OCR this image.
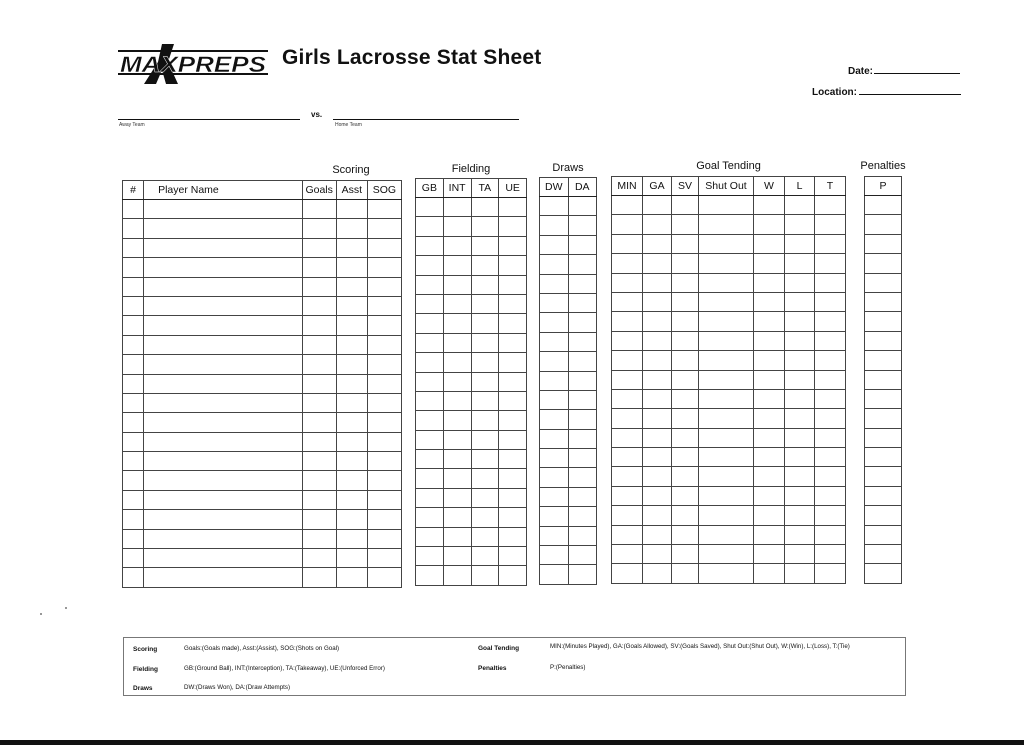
MAXPREPS Girls Lacrosse Stat Sheet
Date:
Location:
Away Team
vs.
Home Team
Scoring	Fielding	Draws	Goal Tending	Penalties
#	Player Name	Goals	Asst	SOG

				GB	INT	TA	UE

			DW	DA

		MIN	GA	SV	Shut Out	W	L	T

							P

Scoring	Goals:(Goals made), Asst:(Assist), SOG:(Shots on Goal)
Fielding	GB:(Ground Ball), INT:(Interception), TA:(Takeaway), UE:(Unforced Error)
Draws	DW:(Draws Won), DA:(Draw Attempts)
Goal Tending	MIN:(Minutes Played), GA:(Goals Allowed), SV:(Goals Saved), Shut Out:(Shut Out), W:(Win), L:(Loss), T:(Tie)
Penalties	P:(Penalties)
